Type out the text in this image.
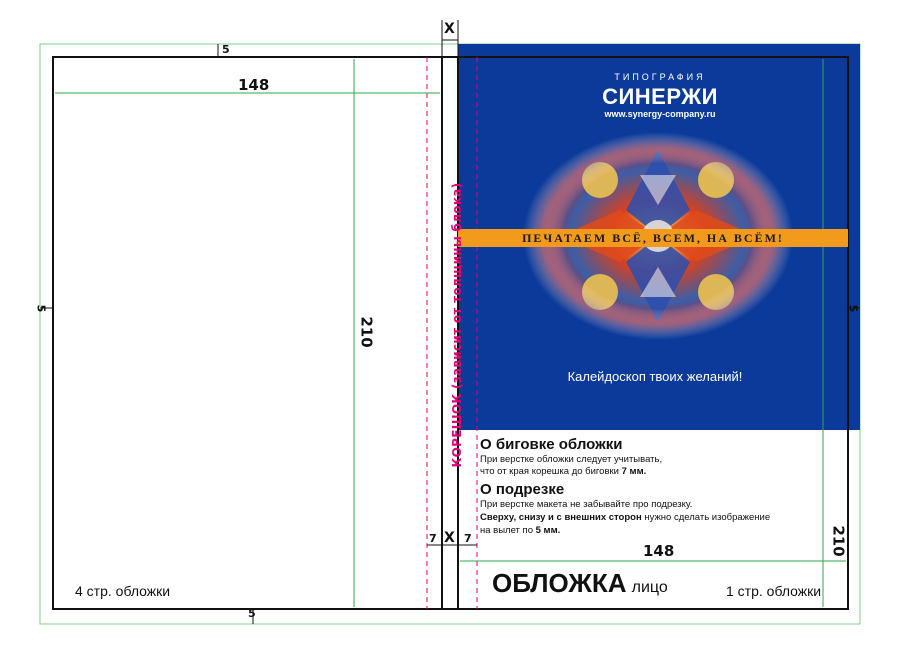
5
5
5	5
148
210
148	210
X
X
7 7
КОРЕШОК (зависит от толщины блока)
ТИПОГРАФИЯ
СИНЕРЖИ
www.synergy-company.ru
ПЕЧАТАЕМ ВСЁ, ВСЕМ, НА ВСЁМ!
Калейдоскоп твоих желаний!
О биговке обложки
При верстке обложки следует учитывать,
что от края корешка до биговки 7 мм.
О подрезке
При верстке макета не забывайте про подрезку.
Сверху, снизу и с внешних сторон нужно сделать изображение
на вылет по 5 мм.
ОБЛОЖКА лицо	1 стр. обложки
4 стр. обложки
